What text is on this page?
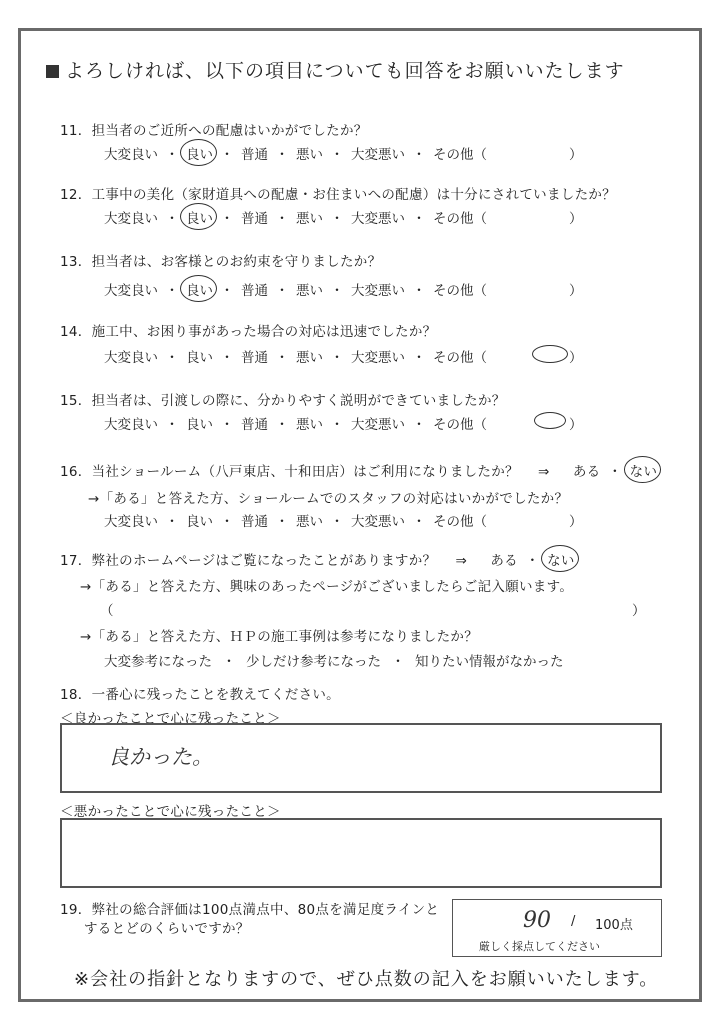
よろしければ、以下の項目についても回答をお願いいたします
11．担当者のご近所への配慮はいかがでしたか？
大変良い ・ 良い ・ 普通 ・ 悪い ・ 大変悪い ・ その他（	）
12．工事中の美化（家財道具への配慮・お住まいへの配慮）は十分にされていましたか？
大変良い ・ 良い ・ 普通 ・ 悪い ・ 大変悪い ・ その他（	）
13．担当者は、お客様とのお約束を守りましたか？
大変良い ・ 良い ・ 普通 ・ 悪い ・ 大変悪い ・ その他（	）
14．施工中、お困り事があった場合の対応は迅速でしたか？
大変良い ・ 良い ・ 普通 ・ 悪い ・ 大変悪い ・ その他（	）
15．担当者は、引渡しの際に、分かりやすく説明ができていましたか？
大変良い ・ 良い ・ 普通 ・ 悪い ・ 大変悪い ・ その他（	）
16．当社ショールーム（八戸東店、十和田店）はご利用になりましたか？ ⇒ ある ・ ない
→「ある」と答えた方、ショールームでのスタッフの対応はいかがでしたか？
大変良い ・ 良い ・ 普通 ・ 悪い ・ 大変悪い ・ その他（	）
17．弊社のホームページはご覧になったことがありますか？ ⇒ ある ・ ない
→「ある」と答えた方、興味のあったページがございましたらご記入願います。
（	）
→「ある」と答えた方、ＨＰの施工事例は参考になりましたか？
大変参考になった ・ 少しだけ参考になった ・ 知りたい情報がなかった
18．一番心に残ったことを教えてください。
＜良かったことで心に残ったこと＞
良かった。
＜悪かったことで心に残ったこと＞
19．弊社の総合評価は100点満点中、80点を満足度ラインと
するとどのくらいですか？	90 / 100点
厳しく採点してください
※会社の指針となりますので、ぜひ点数の記入をお願いいたします。
